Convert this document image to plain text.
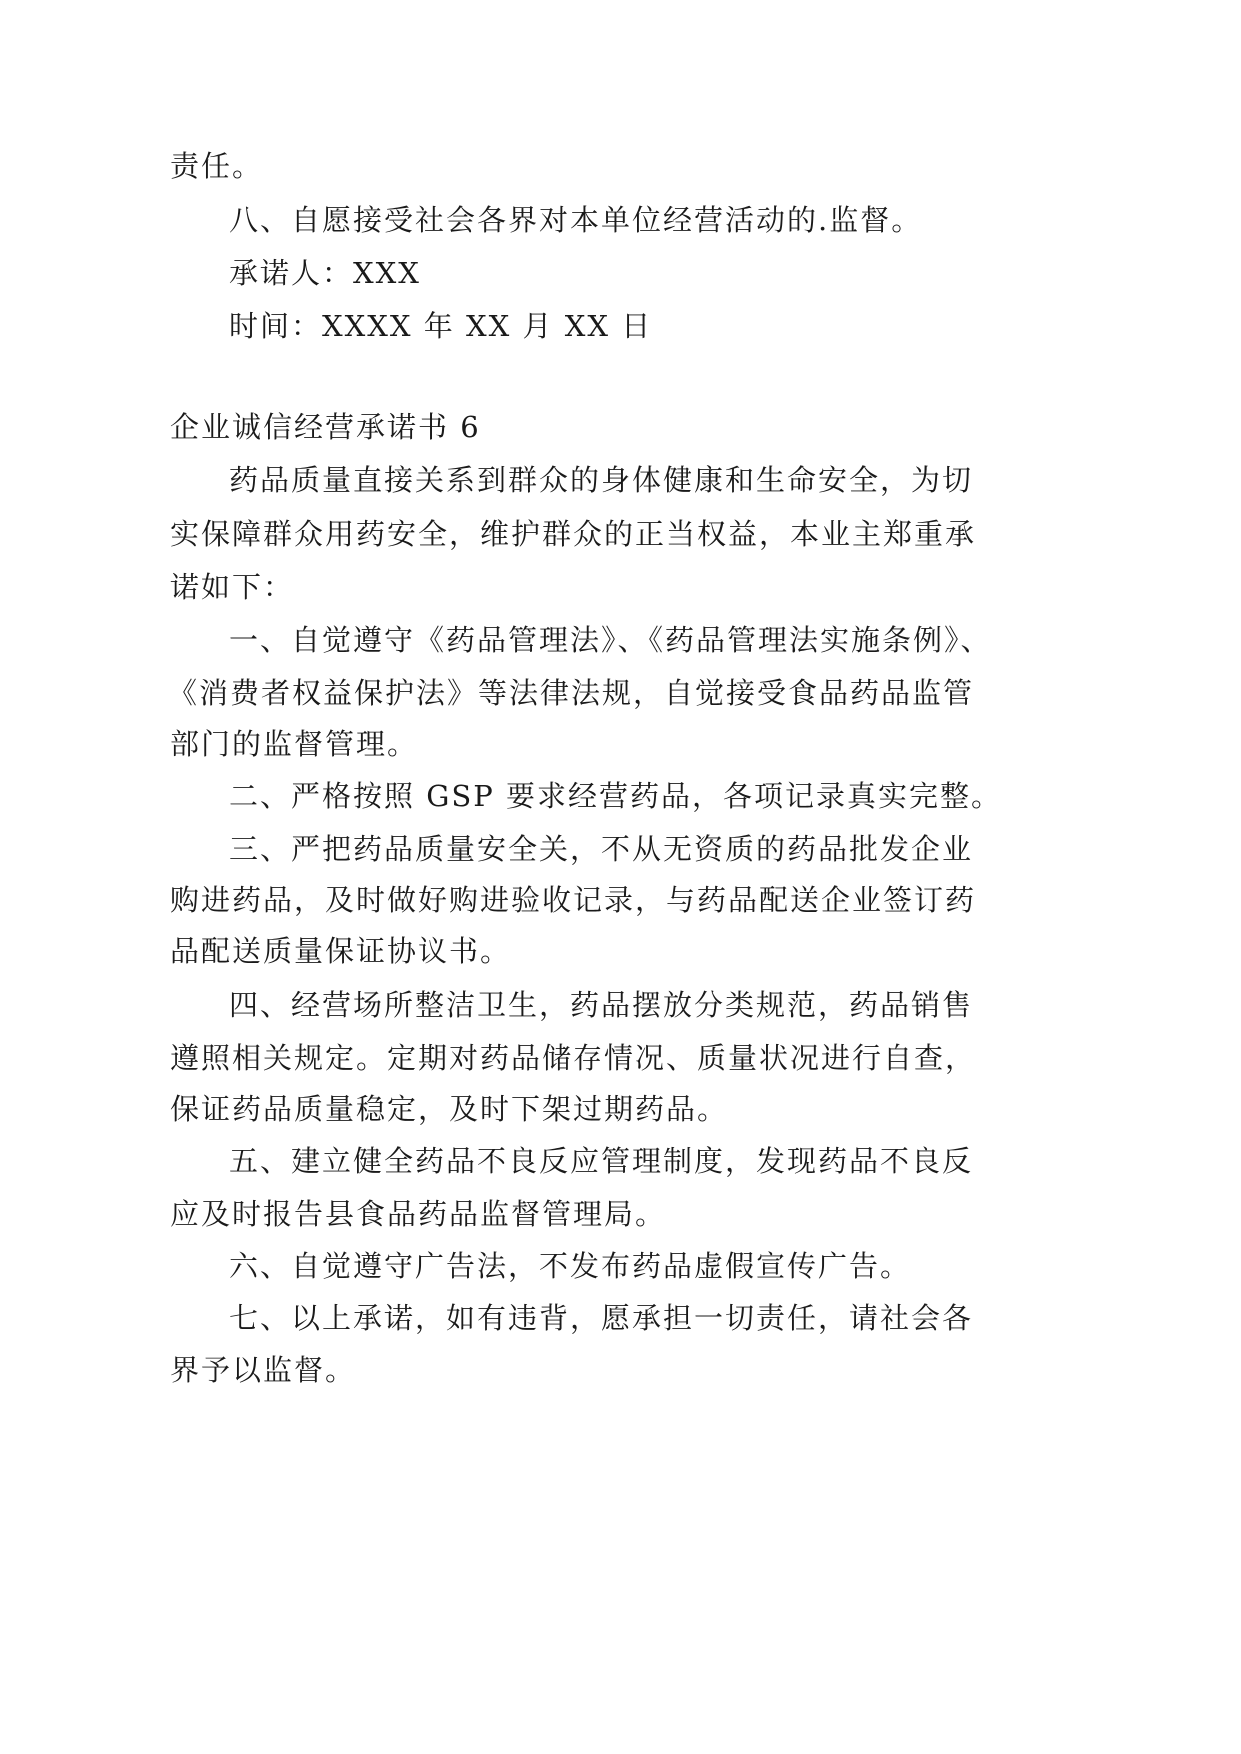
责任。
八、自愿接受社会各界对本单位经营活动的.监督。
承诺人：XXX
时间：XXXX 年 XX 月 XX 日
企业诚信经营承诺书 6
药品质量直接关系到群众的身体健康和生命安全，为切
实保障群众用药安全，维护群众的正当权益，本业主郑重承
诺如下：
一、自觉遵守《药品管理法》、《药品管理法实施条例》、
《消费者权益保护法》等法律法规，自觉接受食品药品监管
部门的监督管理。
二、严格按照 GSP 要求经营药品，各项记录真实完整。
三、严把药品质量安全关，不从无资质的药品批发企业
购进药品，及时做好购进验收记录，与药品配送企业签订药
品配送质量保证协议书。
四、经营场所整洁卫生，药品摆放分类规范，药品销售
遵照相关规定。定期对药品储存情况、质量状况进行自查，
保证药品质量稳定，及时下架过期药品。
五、建立健全药品不良反应管理制度，发现药品不良反
应及时报告县食品药品监督管理局。
六、自觉遵守广告法，不发布药品虚假宣传广告。
七、以上承诺，如有违背，愿承担一切责任，请社会各
界予以监督。
